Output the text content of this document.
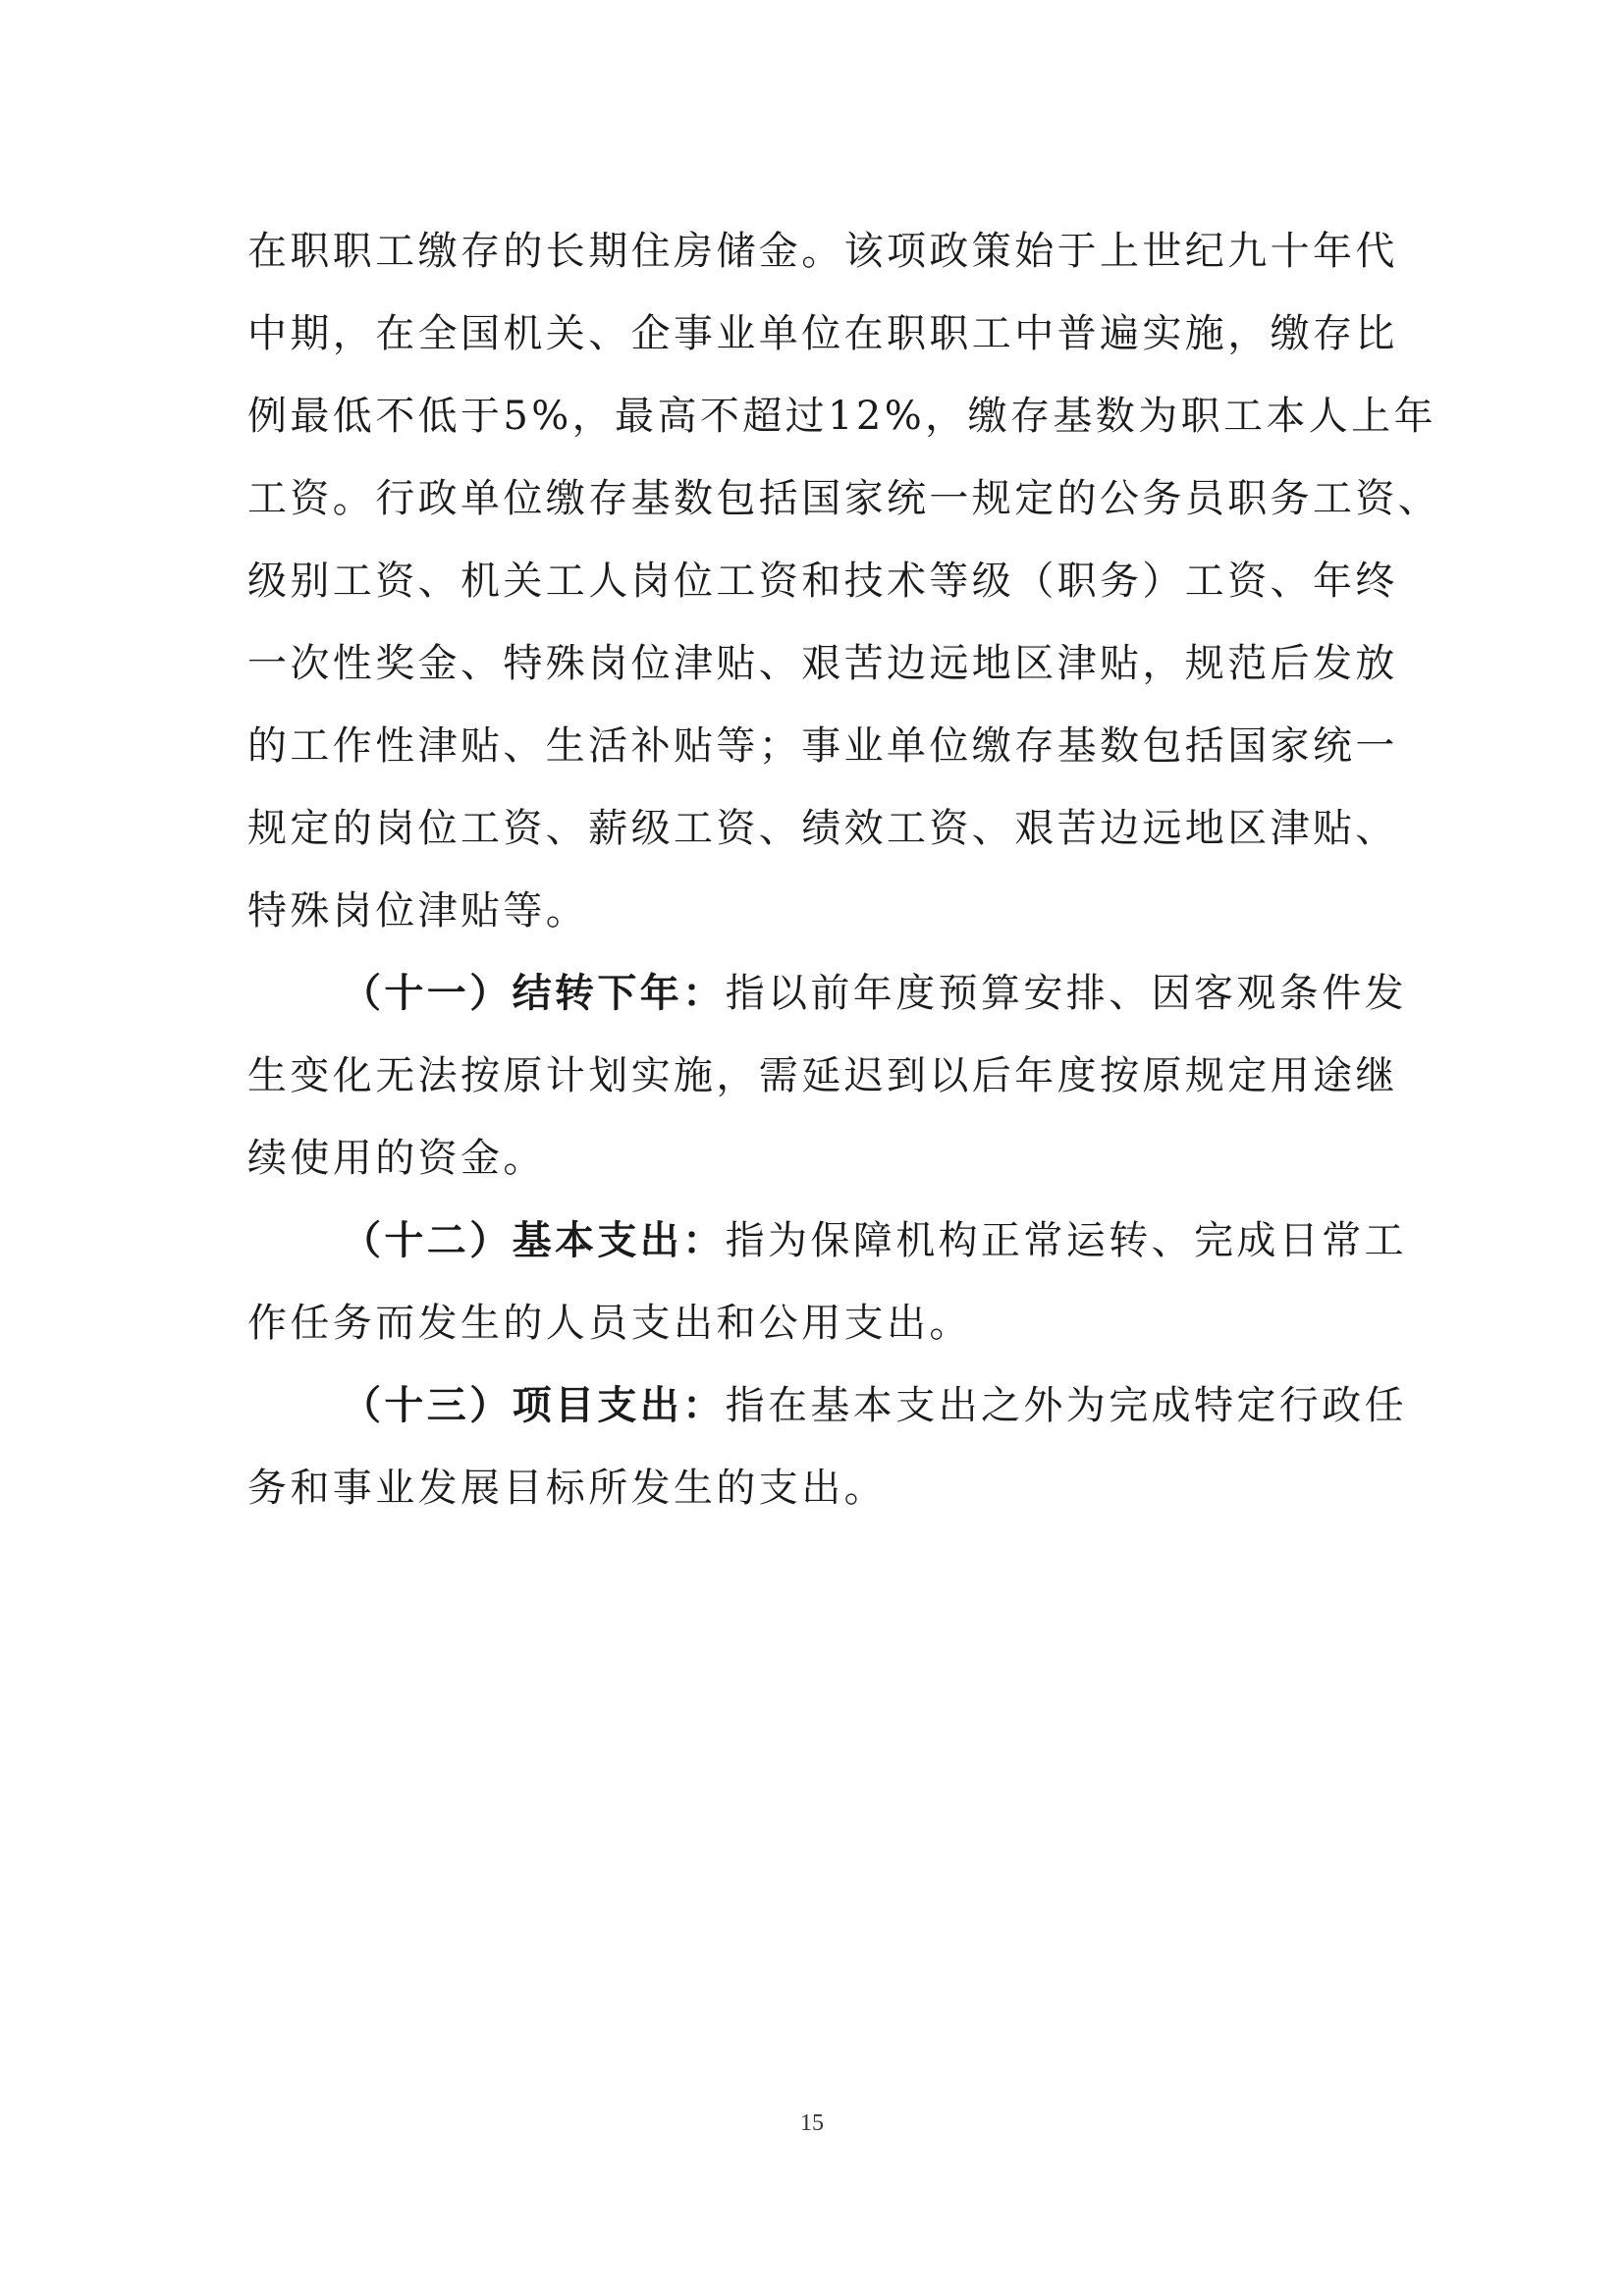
在职职工缴存的长期住房储金。该项政策始于上世纪九十年代
中期，在全国机关、企事业单位在职职工中普遍实施，缴存比
例最低不低于5%，最高不超过12%，缴存基数为职工本人上年
工资。行政单位缴存基数包括国家统一规定的公务员职务工资、
级别工资、机关工人岗位工资和技术等级（职务）工资、年终
一次性奖金、特殊岗位津贴、艰苦边远地区津贴，规范后发放
的工作性津贴、生活补贴等；事业单位缴存基数包括国家统一
规定的岗位工资、薪级工资、绩效工资、艰苦边远地区津贴、
特殊岗位津贴等。
（十一）结转下年：指以前年度预算安排、因客观条件发
生变化无法按原计划实施，需延迟到以后年度按原规定用途继
续使用的资金。
（十二）基本支出：指为保障机构正常运转、完成日常工
作任务而发生的人员支出和公用支出。
（十三）项目支出：指在基本支出之外为完成特定行政任
务和事业发展目标所发生的支出。
15
